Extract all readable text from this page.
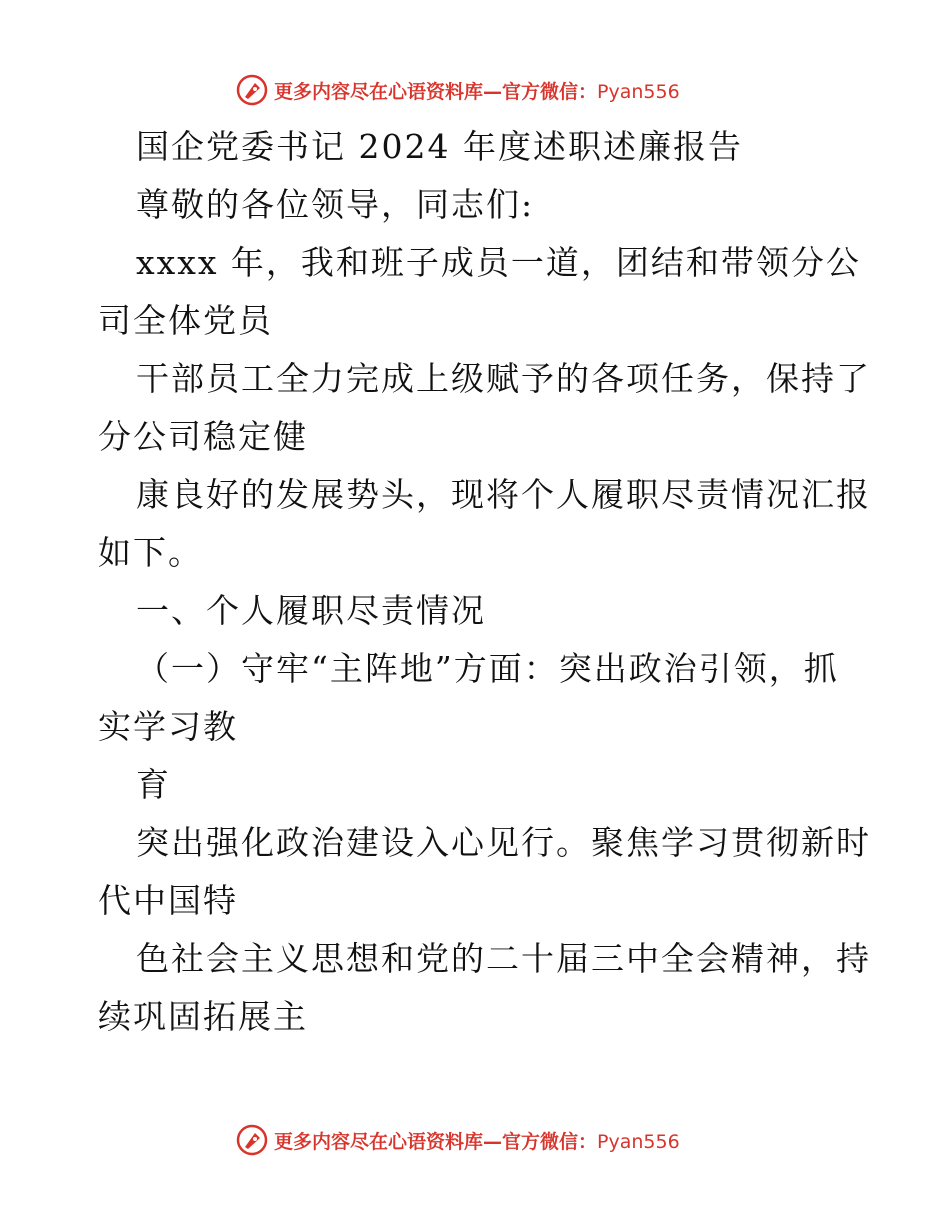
更多内容尽在心语资料库—官方微信：Pyan556

国企党委书记 2024 年度述职述廉报告

尊敬的各位领导，同志们:

xxxx 年，我和班子成员一道，团结和带领分公

司全体党员

干部员工全力完成上级赋予的各项任务，保持了

分公司稳定健

康良好的发展势头，现将个人履职尽责情况汇报

如下。

一、个人履职尽责情况

（一）守牢“主阵地”方面：突出政治引领，抓

实学习教

育

突出强化政治建设入心见行。聚焦学习贯彻新时

代中国特

色社会主义思想和党的二十届三中全会精神，持

续巩固拓展主

更多内容尽在心语资料库—官方微信：Pyan556
